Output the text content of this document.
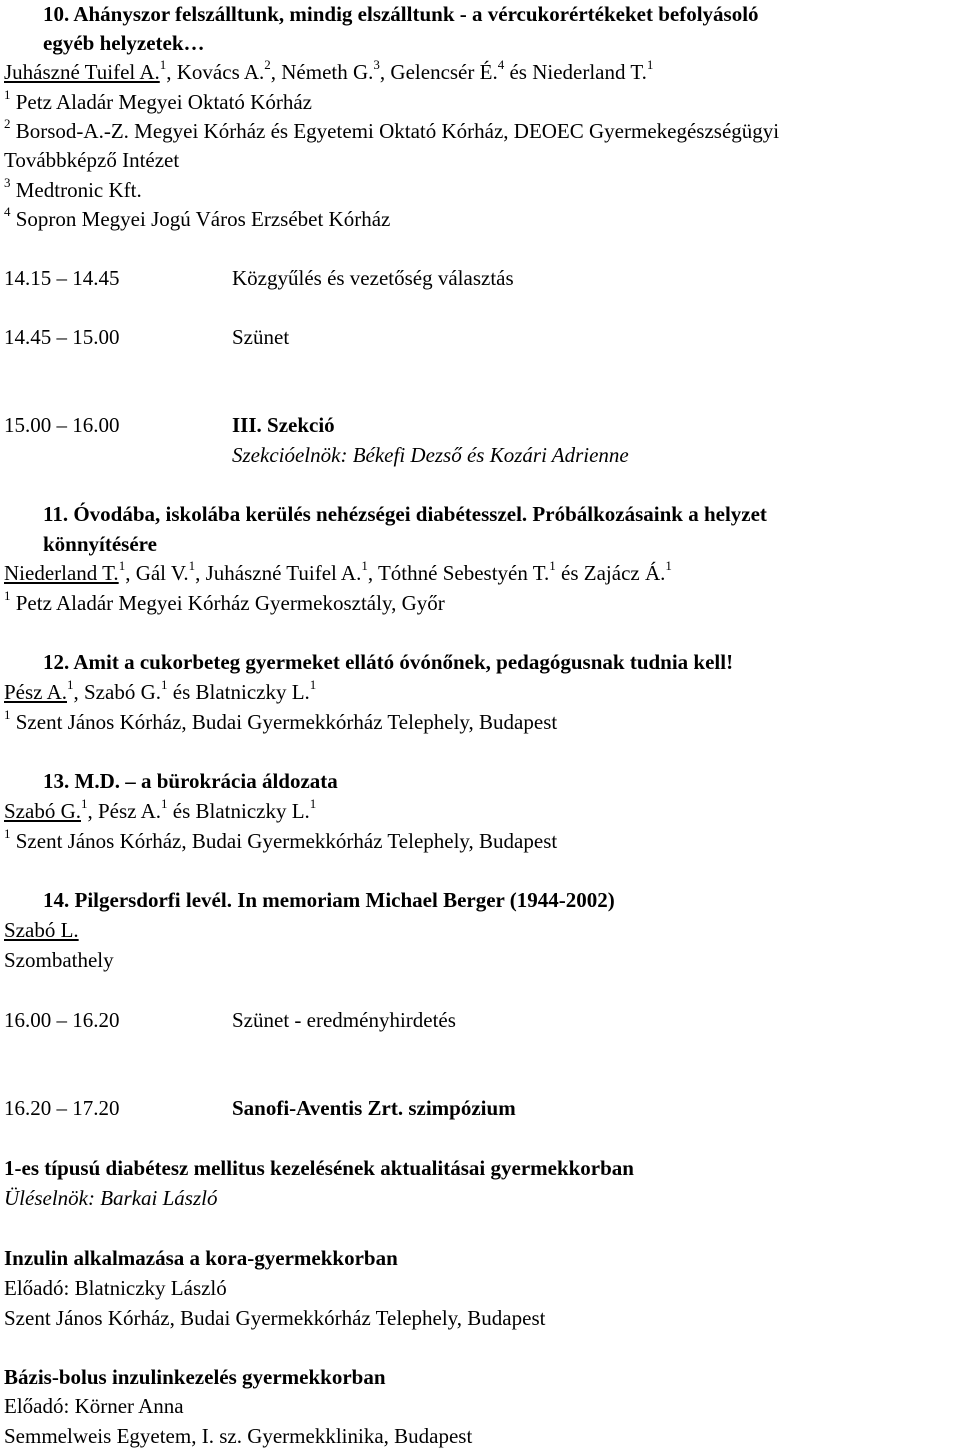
10. Ahányszor felszálltunk, mindig elszálltunk - a vércukorértékeket befolyásoló
egyéb helyzetek…
Juhászné Tuifel A.$^1$, Kovács A.$^2$, Németh G.$^3$, Gelencsér É.$^4$ és Niederland T.$^1$
$^1$ Petz Aladár Megyei Oktató Kórház
$^2$ Borsod-A.-Z. Megyei Kórház és Egyetemi Oktató Kórház, DEOEC Gyermekegészségügyi
Továbbképző Intézet
$^3$ Medtronic Kft.
$^4$ Sopron Megyei Jogú Város Erzsébet Kórház
14.15 – 14.45	Közgyűlés és vezetőség választás
14.45 – 15.00	Szünet
15.00 – 16.00	III. Szekció
Szekcióelnök: Békefi Dezső és Kozári Adrienne
11. Óvodába, iskolába kerülés nehézségei diabétesszel. Próbálkozásaink a helyzet
könnyítésére
Niederland T.$^1$, Gál V.$^1$, Juhászné Tuifel A.$^1$, Tóthné Sebestyén T.$^1$ és Zajácz Á.$^1$
$^1$ Petz Aladár Megyei Kórház Gyermekosztály, Győr
12. Amit a cukorbeteg gyermeket ellátó óvónőnek, pedagógusnak tudnia kell!
Pész A.$^1$, Szabó G.$^1$ és Blatniczky L.$^1$
$^1$ Szent János Kórház, Budai Gyermekkórház Telephely, Budapest
13. M.D. – a bürokrácia áldozata
Szabó G.$^1$, Pész A.$^1$ és Blatniczky L.$^1$
$^1$ Szent János Kórház, Budai Gyermekkórház Telephely, Budapest
14. Pilgersdorfi levél. In memoriam Michael Berger (1944-2002)
Szabó L.
Szombathely
16.00 – 16.20	Szünet - eredményhirdetés
16.20 – 17.20	Sanofi-Aventis Zrt. szimpózium
1-es típusú diabétesz mellitus kezelésének aktualitásai gyermekkorban
Üléselnök: Barkai László
Inzulin alkalmazása a kora-gyermekkorban
Előadó: Blatniczky László
Szent János Kórház, Budai Gyermekkórház Telephely, Budapest
Bázis-bolus inzulinkezelés gyermekkorban
Előadó: Körner Anna
Semmelweis Egyetem, I. sz. Gyermekklinika, Budapest
